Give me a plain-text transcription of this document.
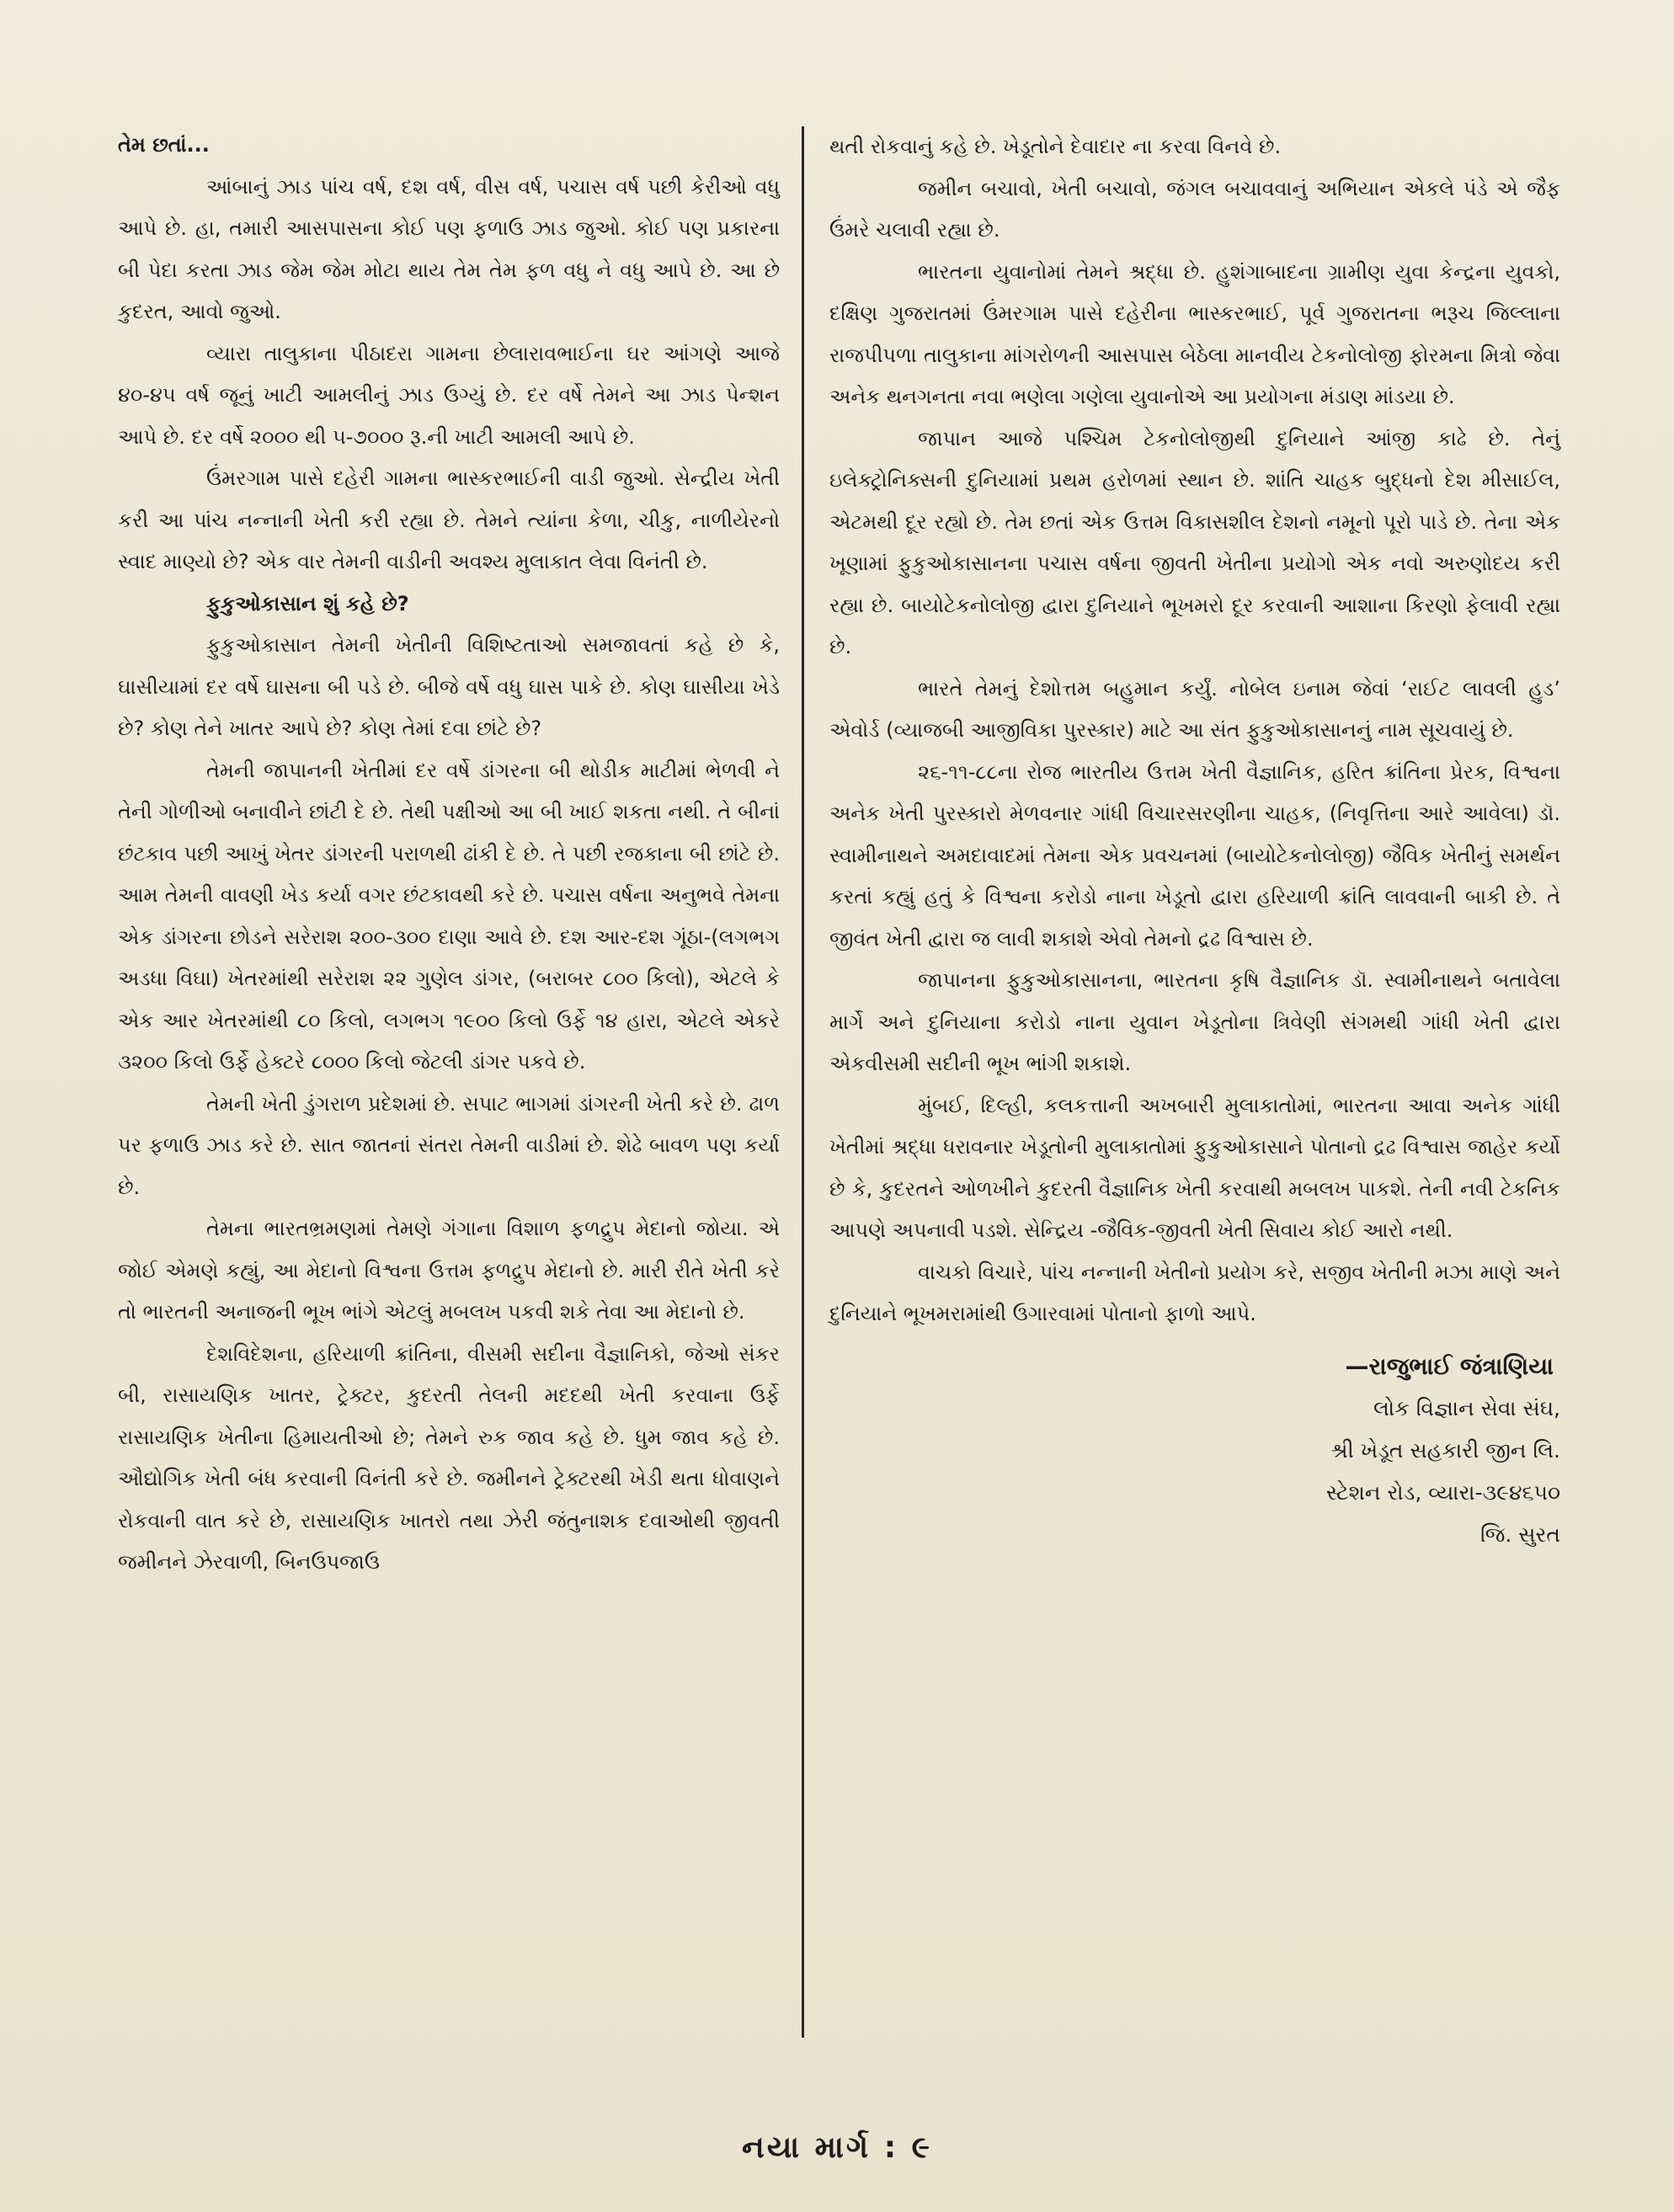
તેમ છતાં...

આંબાનું ઝાડ પાંચ વર્ષ, દશ વર્ષ, વીસ વર્ષ, પચાસ વર્ષ પછી કેરીઓ વધુ આપે છે. હા, તમારી આસપાસના કોઈ પણ ફળાઉ ઝાડ જુઓ. કોઈ પણ પ્રકારના બી પેદા કરતા ઝાડ જેમ જેમ મોટા થાય તેમ તેમ ફળ વધુ ને વધુ આપે છે. આ છે કુદરત, આવો જુઓ.

વ્યારા તાલુકાના પીઠાદરા ગામના છેલારાવભાઈના ઘર આંગણે આજે ૪૦-૪૫ વર્ષ જૂનું ખાટી આમલીનું ઝાડ ઉગ્યું છે. દર વર્ષે તેમને આ ઝાડ પેન્શન આપે છે. દર વર્ષે ૨૦૦૦ થી ૫-૭૦૦૦ રૂ.ની ખાટી આમલી આપે છે.

ઉંમરગામ પાસે દહેરી ગામના ભાસ્કરભાઈની વાડી જુઓ. સેન્દ્રીય ખેતી કરી આ પાંચ નન્નાની ખેતી કરી રહ્યા છે. તેમને ત્યાંના કેળા, ચીકુ, નાળીયેરનો સ્વાદ માણ્યો છે? એક વાર તેમની વાડીની અવશ્ય મુલાકાત લેવા વિનંતી છે.

ફુકુઓકાસાન શું કહે છે?

ફુકુઓકાસાન તેમની ખેતીની વિશિષ્ટતાઓ સમજાવતાં કહે છે કે, ઘાસીયામાં દર વર્ષે ઘાસના બી પડે છે. બીજે વર્ષે વધુ ઘાસ પાકે છે. કોણ ઘાસીયા ખેડે છે? કોણ તેને ખાતર આપે છે? કોણ તેમાં દવા છાંટે છે?

તેમની જાપાનની ખેતીમાં દર વર્ષે ડાંગરના બી થોડીક માટીમાં ભેળવી ને તેની ગોળીઓ બનાવીને છાંટી દે છે. તેથી પક્ષીઓ આ બી ખાઈ શકતા નથી. તે બીનાં છંટકાવ પછી આખું ખેતર ડાંગરની પરાળથી ઢાંકી દે છે. તે પછી રજકાના બી છાંટે છે. આમ તેમની વાવણી ખેડ કર્યા વગર છંટકાવથી કરે છે. પચાસ વર્ષના અનુભવે તેમના એક ડાંગરના છોડને સરેરાશ ૨૦૦-૩૦૦ દાણા આવે છે. દશ આર-દશ ગૂંઠા-(લગભગ અડધા વિઘા) ખેતરમાંથી સરેરાશ ૨૨ ગુણેલ ડાંગર, (બરાબર ૮૦૦ કિલો), એટલે કે એક આર ખેતરમાંથી ૮૦ કિલો, લગભગ ૧૯૦૦ કિલો ઉર્ફે ૧૪ હારા, એટલે એકરે ૩૨૦૦ કિલો ઉર્ફે હેક્ટરે ૮૦૦૦ કિલો જેટલી ડાંગર પકવે છે.

તેમની ખેતી ડુંગરાળ પ્રદેશમાં છે. સપાટ ભાગમાં ડાંગરની ખેતી કરે છે. ઢાળ પર ફળાઉ ઝાડ કરે છે. સાત જાતનાં સંતરા તેમની વાડીમાં છે. શેઢે બાવળ પણ કર્યા છે.

તેમના ભારતભ્રમણમાં તેમણે ગંગાના વિશાળ ફળદ્રુપ મેદાનો જોયા. એ જોઈ એમણે કહ્યું, આ મેદાનો વિશ્વના ઉત્તમ ફળદ્રુપ મેદાનો છે. મારી રીતે ખેતી કરે તો ભારતની અનાજની ભૂખ ભાંગે એટલું મબલખ પકવી શકે તેવા આ મેદાનો છે.

દેશવિદેશના, હરિયાળી ક્રાંતિના, વીસમી સદીના વૈજ્ઞાનિકો, જેઓ સંકર બી, રાસાયણિક ખાતર, ટ્રેક્ટર, કુદરતી તેલની મદદથી ખેતી કરવાના ઉર્ફે રાસાયણિક ખેતીના હિમાયતીઓ છે; તેમને રુક જાવ કહે છે. ધુમ જાવ કહે છે. ઔદ્યોગિક ખેતી બંધ કરવાની વિનંતી કરે છે. જમીનને ટ્રેક્ટરથી ખેડી થતા ધોવાણને રોકવાની વાત કરે છે, રાસાયણિક ખાતરો તથા ઝેરી જંતુનાશક દવાઓથી જીવતી જમીનને ઝેરવાળી, બિનઉપજાઉ

થતી રોકવાનું કહે છે. ખેડૂતોને દેવાદાર ના કરવા વિનવે છે.

જમીન બચાવો, ખેતી બચાવો, જંગલ બચાવવાનું અભિયાન એકલે પંડે એ જૈફ ઉંમરે ચલાવી રહ્યા છે.

ભારતના યુવાનોમાં તેમને શ્રદ્ધા છે. હુશંગાબાદના ગ્રામીણ યુવા કેન્દ્રના યુવકો, દક્ષિણ ગુજરાતમાં ઉંમરગામ પાસે દહેરીના ભાસ્કરભાઈ, પૂર્વ ગુજરાતના ભરૂચ જિલ્લાના રાજપીપળા તાલુકાના માંગરોળની આસપાસ બેઠેલા માનવીય ટેકનોલોજી ફોરમના મિત્રો જેવા અનેક થનગનતા નવા ભણેલા ગણેલા યુવાનોએ આ પ્રયોગના મંડાણ માંડયા છે.

જાપાન આજે પશ્ચિમ ટેકનોલોજીથી દુનિયાને આંજી કાઢે છે. તેનું ઇલેક્ટ્રોનિક્સની દુનિયામાં પ્રથમ હરોળમાં સ્થાન છે. શાંતિ ચાહક બુદ્ધનો દેશ મીસાઈલ, એટમથી દૂર રહ્યો છે. તેમ છતાં એક ઉત્તમ વિકાસશીલ દેશનો નમૂનો પૂરો પાડે છે. તેના એક ખૂણામાં ફુકુઓકાસાનના પચાસ વર્ષના જીવતી ખેતીના પ્રયોગો એક નવો અરુણોદય કરી રહ્યા છે. બાયોટેકનોલોજી દ્વારા દુનિયાને ભૂખમરો દૂર કરવાની આશાના કિરણો ફેલાવી રહ્યા છે.

ભારતે તેમનું દેશોત્તમ બહુમાન કર્યું. નોબેલ ઇનામ જેવાં ‘રાઈટ લાવલી હુડ’ એવોર્ડ (વ્યાજબી આજીવિકા પુરસ્કાર) માટે આ સંત ફુકુઓકાસાનનું નામ સૂચવાયું છે.

૨૬-૧૧-૮૮ના રોજ ભારતીય ઉત્તમ ખેતી વૈજ્ઞાનિક, હરિત ક્રાંતિના પ્રેરક, વિશ્વના અનેક ખેતી પુરસ્કારો મેળવનાર ગાંધી વિચારસરણીના ચાહક, (નિવૃત્તિના આરે આવેલા) ડૉ. સ્વામીનાથને અમદાવાદમાં તેમના એક પ્રવચનમાં (બાયોટેકનોલોજી) જૈવિક ખેતીનું સમર્થન કરતાં કહ્યું હતું કે વિશ્વના કરોડો નાના ખેડૂતો દ્વારા હરિયાળી ક્રાંતિ લાવવાની બાકી છે. તે જીવંત ખેતી દ્વારા જ લાવી શકાશે એવો તેમનો દ્રઢ વિશ્વાસ છે.

જાપાનના ફુકુઓકાસાનના, ભારતના કૃષિ વૈજ્ઞાનિક ડૉ. સ્વામીનાથને બતાવેલા માર્ગે અને દુનિયાના કરોડો નાના યુવાન ખેડૂતોના ત્રિવેણી સંગમથી ગાંધી ખેતી દ્વારા એકવીસમી સદીની ભૂખ ભાંગી શકાશે.

મુંબઈ, દિલ્હી, કલકત્તાની અખબારી મુલાકાતોમાં, ભારતના આવા અનેક ગાંધી ખેતીમાં શ્રદ્ધા ધરાવનાર ખેડૂતોની મુલાકાતોમાં ફુકુઓકાસાને પોતાનો દ્રઢ વિશ્વાસ જાહેર કર્યો છે કે, કુદરતને ઓળખીને કુદરતી વૈજ્ઞાનિક ખેતી કરવાથી મબલખ પાકશે. તેની નવી ટેકનિક આપણે અપનાવી પડશે. સેન્દ્રિય -જૈવિક-જીવતી ખેતી સિવાય કોઈ આરો નથી.

વાચકો વિચારે, પાંચ નન્નાની ખેતીનો પ્રયોગ કરે, સજીવ ખેતીની મઝા માણે અને દુનિયાને ભૂખમરામાંથી ઉગારવામાં પોતાનો ફાળો આપે.

—રાજુભાઈ જંત્રાણિયા
લોક વિજ્ઞાન સેવા સંઘ,
શ્રી ખેડૂત સહકારી જીન લિ.
સ્ટેશન રોડ, વ્યારા-૩૯૪૬૫૦
જિ. સુરત
નયા માર્ગ : ૯
